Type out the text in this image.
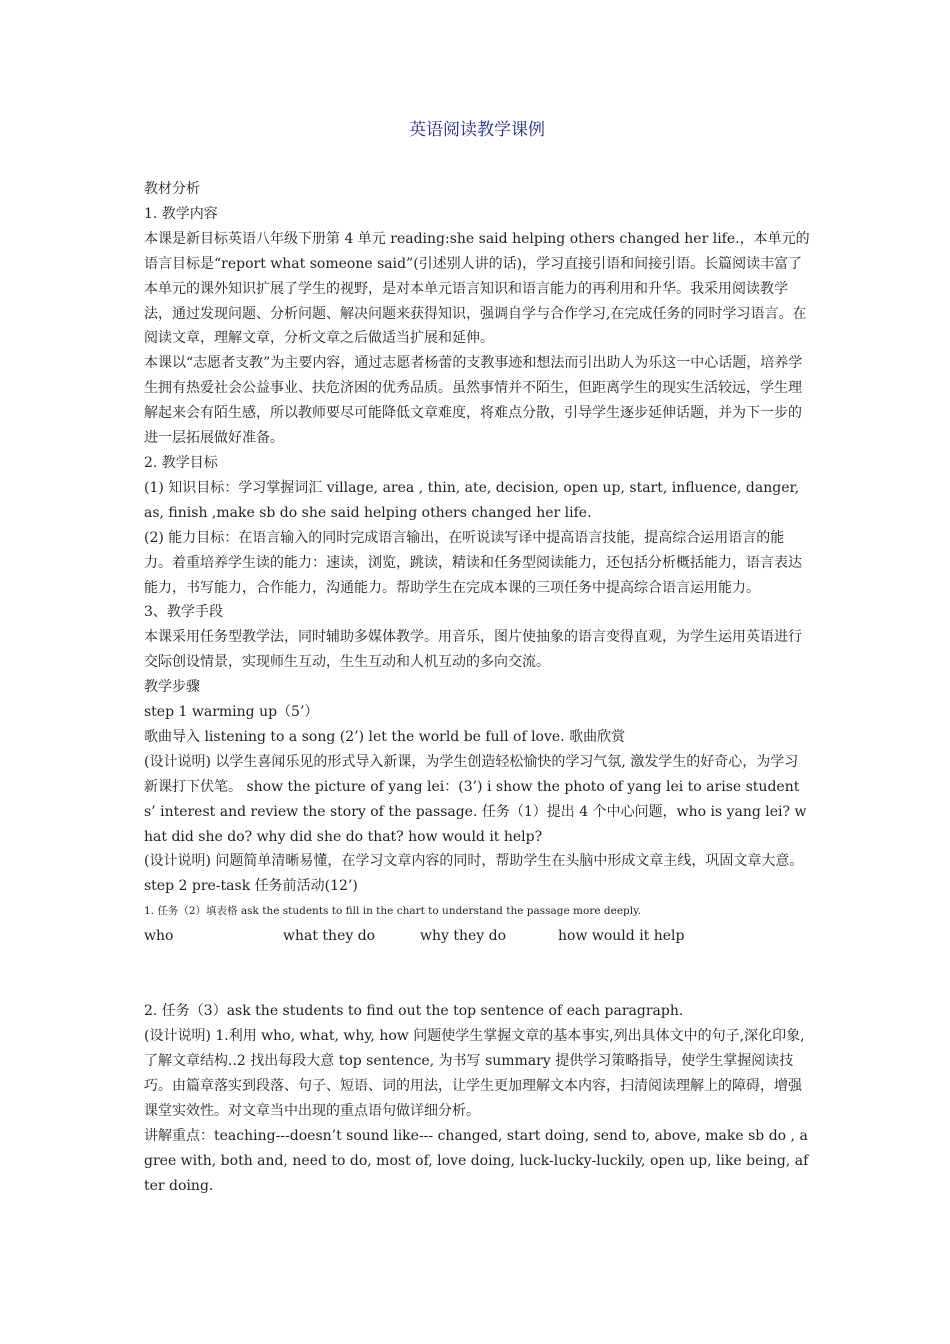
英语阅读教学课例

教材分析

1. 教学内容

本课是新目标英语八年级下册第 4 单元 reading:she said helping others changed her life.，本单元的语言目标是“report what someone said”(引述别人讲的话)，学习直接引语和间接引语。长篇阅读丰富了本单元的课外知识扩展了学生的视野，是对本单元语言知识和语言能力的再利用和升华。我采用阅读教学法，通过发现问题、分析问题、解决问题来获得知识，强调自学与合作学习,在完成任务的同时学习语言。在阅读文章，理解文章，分析文章之后做适当扩展和延伸。

本课以“志愿者支教”为主要内容，通过志愿者杨蕾的支教事迹和想法而引出助人为乐这一中心话题，培养学生拥有热爱社会公益事业、扶危济困的优秀品质。虽然事情并不陌生，但距离学生的现实生活较远，学生理解起来会有陌生感，所以教师要尽可能降低文章难度，将难点分散，引导学生逐步延伸话题，并为下一步的进一层拓展做好准备。

2. 教学目标

(1) 知识目标：学习掌握词汇 village, area , thin, ate, decision, open up, start, influence, danger, as, finish ,make sb do she said helping others changed her life.

(2) 能力目标：在语言输入的同时完成语言输出，在听说读写译中提高语言技能，提高综合运用语言的能力。着重培养学生读的能力：速读，浏览，跳读，精读和任务型阅读能力，还包括分析概括能力，语言表达能力，书写能力，合作能力，沟通能力。帮助学生在完成本课的三项任务中提高综合语言运用能力。

3、教学手段

本课采用任务型教学法，同时辅助多媒体教学。用音乐，图片使抽象的语言变得直观，为学生运用英语进行交际创设情景，实现师生互动，生生互动和人机互动的多向交流。

教学步骤

step 1 warming up（5’）

歌曲导入 listening to a song (2’) let the world be full of love. 歌曲欣赏

(设计说明) 以学生喜闻乐见的形式导入新课，为学生创造轻松愉快的学习气氛, 激发学生的好奇心，为学习新课打下伏笔。 show the picture of yang lei：(3’) i show the photo of yang lei to arise students’ interest and review the story of the passage. 任务（1）提出 4 个中心问题，who is yang lei? what did she do? why did she do that? how would it help?

(设计说明) 问题简单清晰易懂，在学习文章内容的同时，帮助学生在头脑中形成文章主线，巩固文章大意。

step 2 pre-task 任务前活动(12’)

1. 任务（2）填表格 ask the students to fill in the chart to understand the passage more deeply.

who	what they do	why they do	how would it help

2. 任务（3）ask the students to find out the top sentence of each paragraph.

(设计说明) 1.利用 who, what, why, how 问题使学生掌握文章的基本事实,列出具体文中的句子,深化印象,了解文章结构..2 找出每段大意 top sentence, 为书写 summary 提供学习策略指导，使学生掌握阅读技巧。由篇章落实到段落、句子、短语、词的用法，让学生更加理解文本内容，扫清阅读理解上的障碍，增强课堂实效性。对文章当中出现的重点语句做详细分析。

讲解重点：teaching---doesn’t sound like--- changed, start doing, send to, above, make sb do , agree with, both and, need to do, most of, love doing, luck-lucky-luckily, open up, like being, after doing.
